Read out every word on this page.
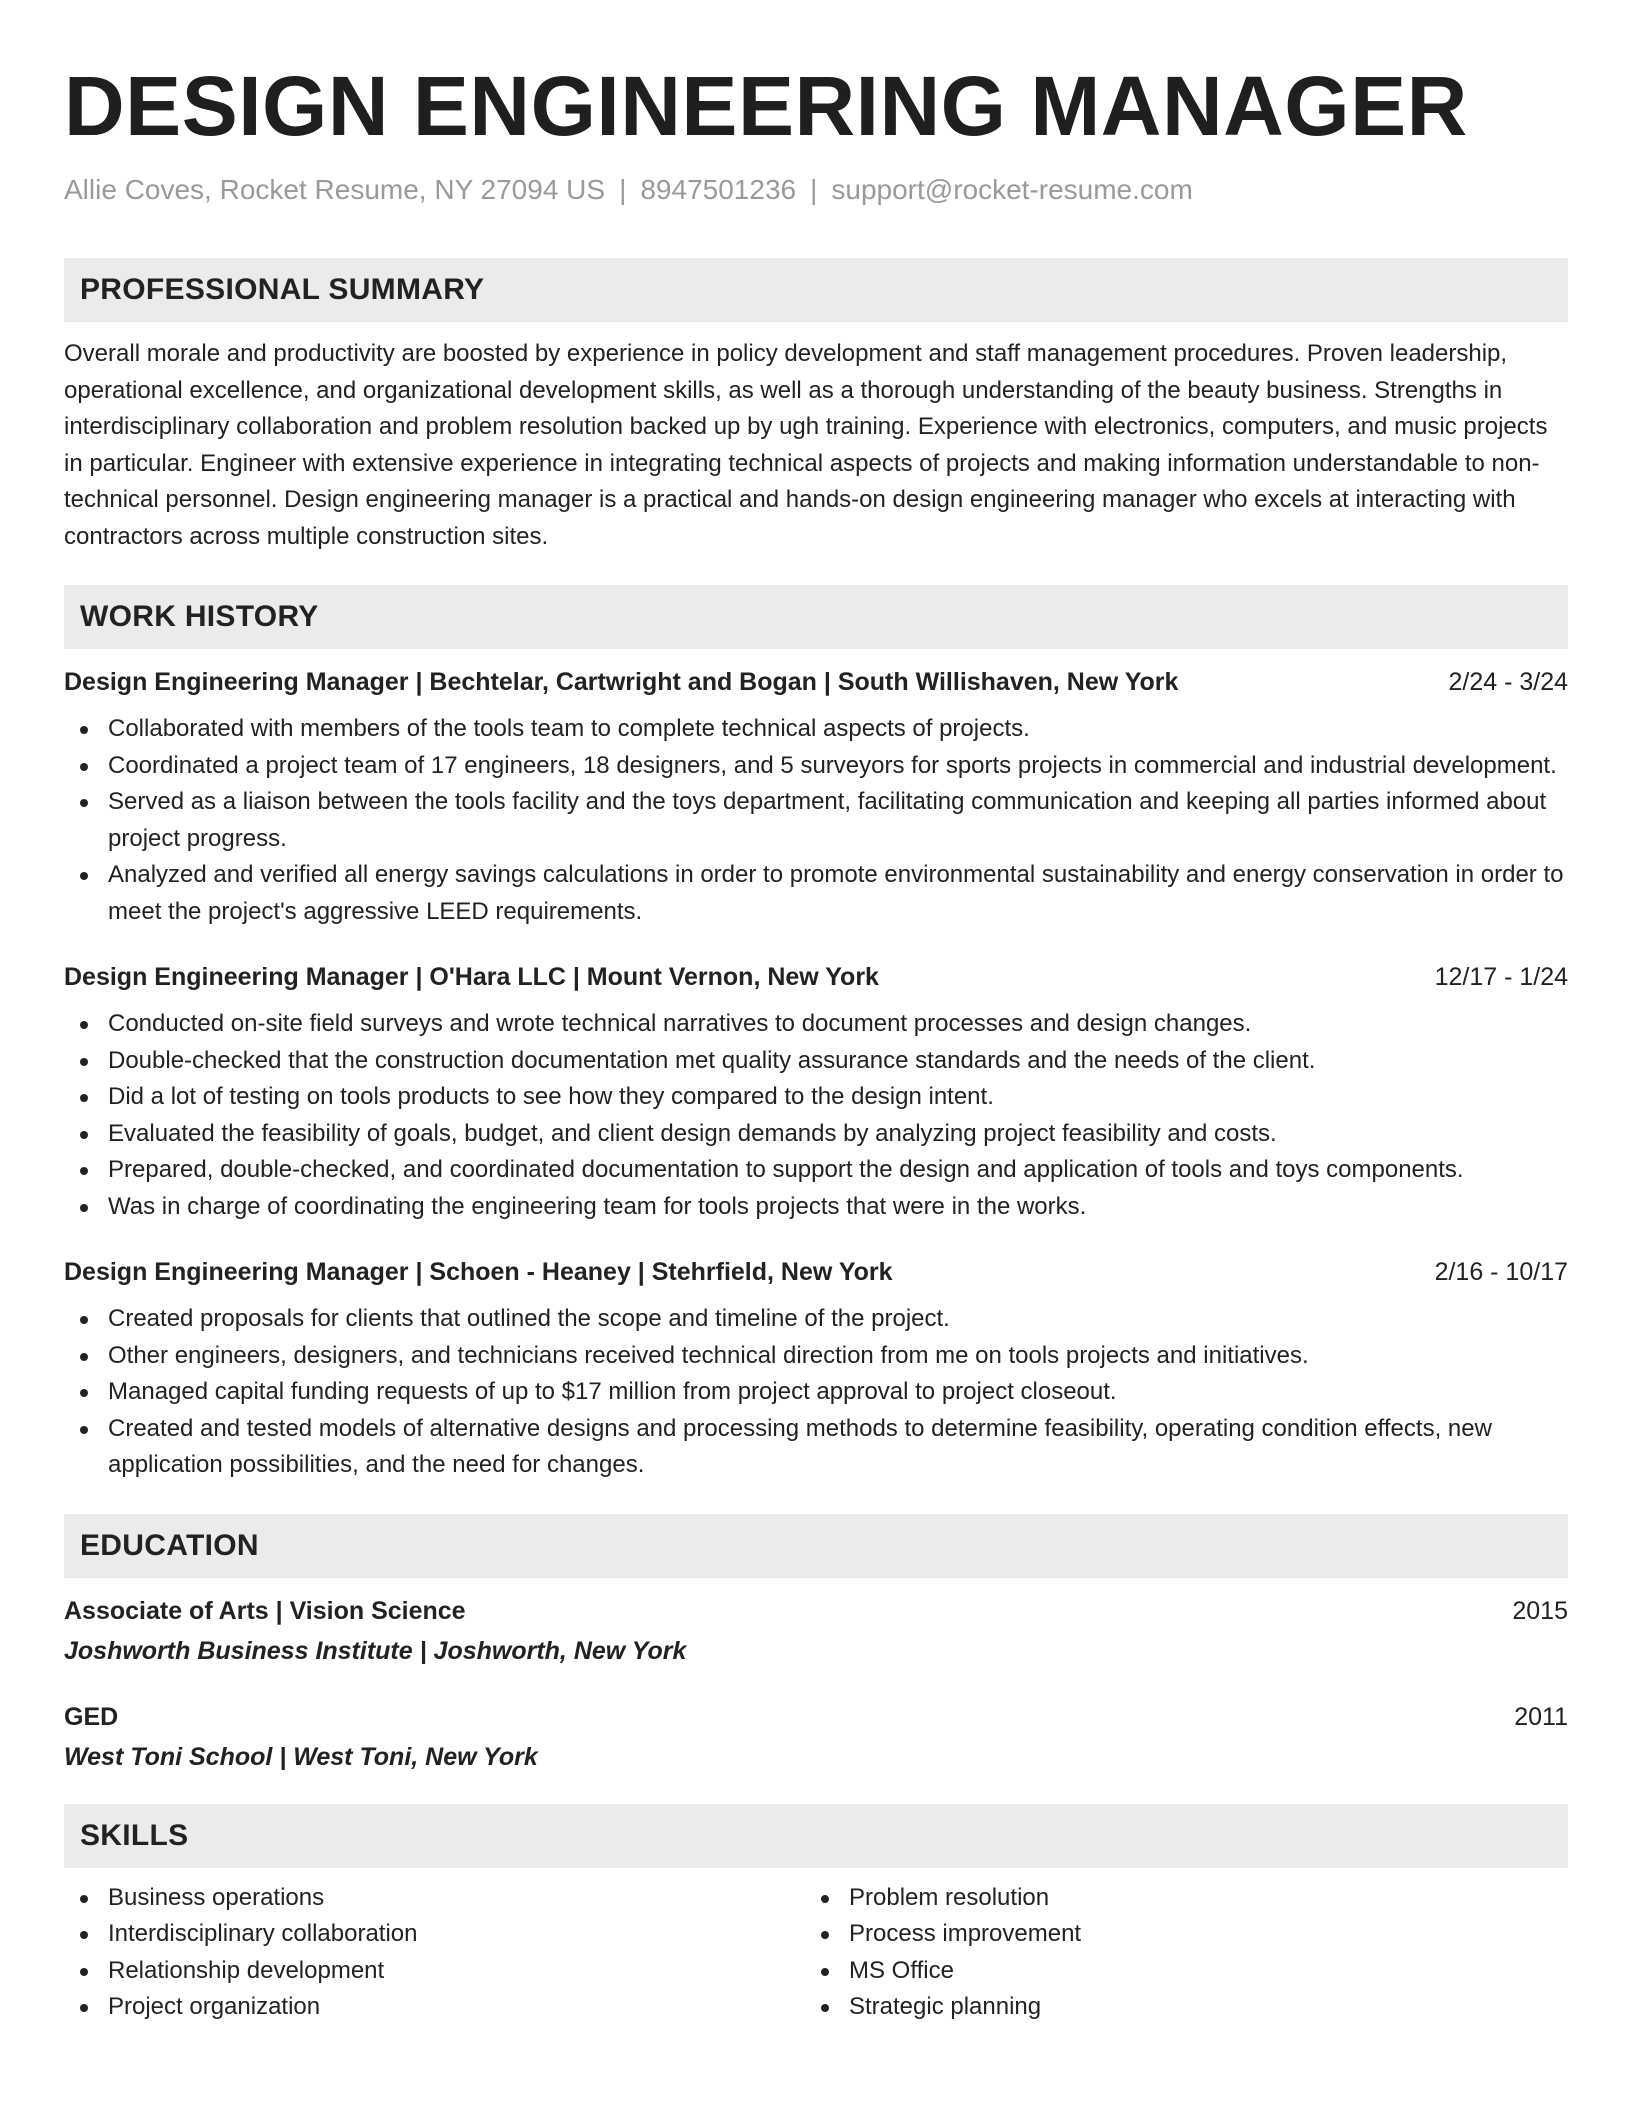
DESIGN ENGINEERING MANAGER
Allie Coves, Rocket Resume, NY 27094 US | 8947501236 | support@rocket-resume.com
PROFESSIONAL SUMMARY

Overall morale and productivity are boosted by experience in policy development and staff management procedures. Proven leadership, operational excellence, and organizational development skills, as well as a thorough understanding of the beauty business. Strengths in interdisciplinary collaboration and problem resolution backed up by ugh training. Experience with electronics, computers, and music projects in particular. Engineer with extensive experience in integrating technical aspects of projects and making information understandable to non-technical personnel. Design engineering manager is a practical and hands-on design engineering manager who excels at interacting with contractors across multiple construction sites.

WORK HISTORY
Design Engineering Manager | Bechtelar, Cartwright and Bogan | South Willishaven, New York	2/24 - 3/24
Collaborated with members of the tools team to complete technical aspects of projects.
Coordinated a project team of 17 engineers, 18 designers, and 5 surveyors for sports projects in commercial and industrial development.
Served as a liaison between the tools facility and the toys department, facilitating communication and keeping all parties informed about project progress.
Analyzed and verified all energy savings calculations in order to promote environmental sustainability and energy conservation in order to meet the project's aggressive LEED requirements.
Design Engineering Manager | O'Hara LLC | Mount Vernon, New York	12/17 - 1/24
Conducted on-site field surveys and wrote technical narratives to document processes and design changes.
Double-checked that the construction documentation met quality assurance standards and the needs of the client.
Did a lot of testing on tools products to see how they compared to the design intent.
Evaluated the feasibility of goals, budget, and client design demands by analyzing project feasibility and costs.
Prepared, double-checked, and coordinated documentation to support the design and application of tools and toys components.
Was in charge of coordinating the engineering team for tools projects that were in the works.
Design Engineering Manager | Schoen - Heaney | Stehrfield, New York	2/16 - 10/17
Created proposals for clients that outlined the scope and timeline of the project.
Other engineers, designers, and technicians received technical direction from me on tools projects and initiatives.
Managed capital funding requests of up to $17 million from project approval to project closeout.
Created and tested models of alternative designs and processing methods to determine feasibility, operating condition effects, new application possibilities, and the need for changes.
EDUCATION
Associate of Arts | Vision Science	2015
Joshworth Business Institute | Joshworth, New York
GED	2011
West Toni School | West Toni, New York
SKILLS
Business operations
Interdisciplinary collaboration
Relationship development
Project organization
Problem resolution
Process improvement
MS Office
Strategic planning
